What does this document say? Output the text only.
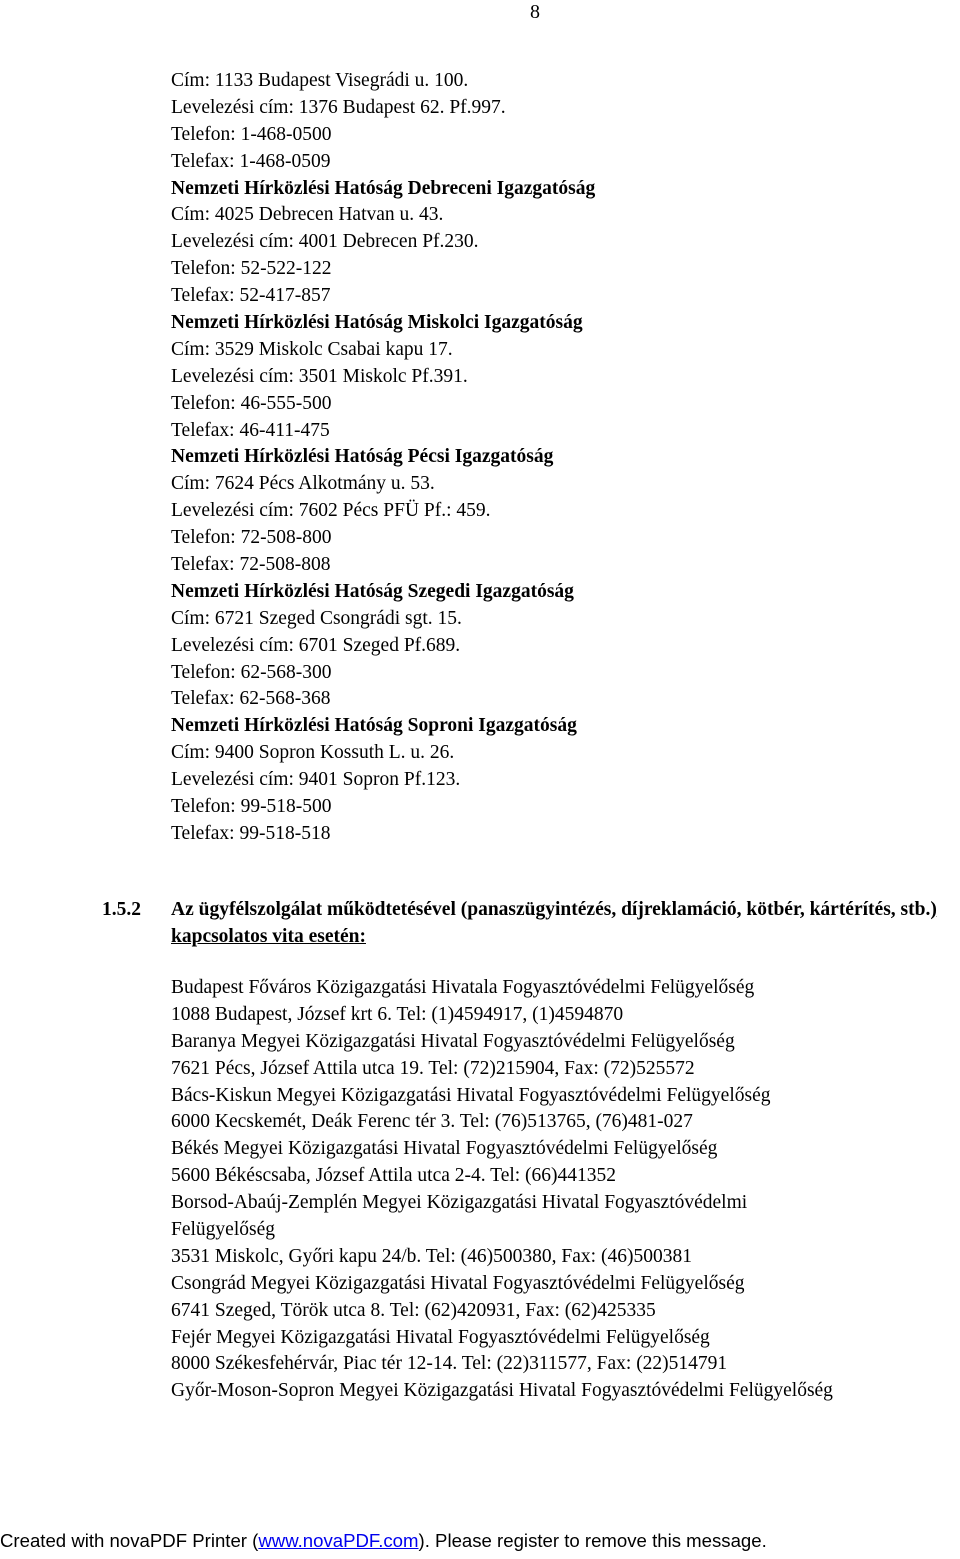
8
Cím: 1133 Budapest Visegrádi u. 100.
Levelezési cím: 1376 Budapest 62. Pf.997.
Telefon: 1-468-0500
Telefax: 1-468-0509
Nemzeti Hírközlési Hatóság Debreceni Igazgatóság
Cím: 4025 Debrecen Hatvan u. 43.
Levelezési cím: 4001 Debrecen Pf.230.
Telefon: 52-522-122
Telefax: 52-417-857
Nemzeti Hírközlési Hatóság Miskolci Igazgatóság
Cím: 3529 Miskolc Csabai kapu 17.
Levelezési cím: 3501 Miskolc Pf.391.
Telefon: 46-555-500
Telefax: 46-411-475
Nemzeti Hírközlési Hatóság Pécsi Igazgatóság
Cím: 7624 Pécs Alkotmány u. 53.
Levelezési cím: 7602 Pécs PFÜ Pf.: 459.
Telefon: 72-508-800
Telefax: 72-508-808
Nemzeti Hírközlési Hatóság Szegedi Igazgatóság
Cím: 6721 Szeged Csongrádi sgt. 15.
Levelezési cím: 6701 Szeged Pf.689.
Telefon: 62-568-300
Telefax: 62-568-368
Nemzeti Hírközlési Hatóság Soproni Igazgatóság
Cím: 9400 Sopron Kossuth L. u. 26.
Levelezési cím: 9401 Sopron Pf.123.
Telefon: 99-518-500
Telefax: 99-518-518
1.5.2 Az ügyfélszolgálat működtetésével (panaszügyintézés, díjreklamáció, kötbér, kártérítés, stb.) kapcsolatos vita esetén:
Budapest Főváros Közigazgatási Hivatala Fogyasztóvédelmi Felügyelőség
1088 Budapest, József krt 6. Tel: (1)4594917, (1)4594870
Baranya Megyei Közigazgatási Hivatal Fogyasztóvédelmi Felügyelőség
7621 Pécs, József Attila utca 19. Tel: (72)215904, Fax: (72)525572
Bács-Kiskun Megyei Közigazgatási Hivatal Fogyasztóvédelmi Felügyelőség
6000 Kecskemét, Deák Ferenc tér 3. Tel: (76)513765, (76)481-027
Békés Megyei Közigazgatási Hivatal Fogyasztóvédelmi Felügyelőség
5600 Békéscsaba, József Attila utca 2-4. Tel: (66)441352
Borsod-Abaúj-Zemplén Megyei Közigazgatási Hivatal Fogyasztóvédelmi
Felügyelőség
3531 Miskolc, Győri kapu 24/b. Tel: (46)500380, Fax: (46)500381
Csongrád Megyei Közigazgatási Hivatal Fogyasztóvédelmi Felügyelőség
6741 Szeged, Török utca 8. Tel: (62)420931, Fax: (62)425335
Fejér Megyei Közigazgatási Hivatal Fogyasztóvédelmi Felügyelőség
8000 Székesfehérvár, Piac tér 12-14. Tel: (22)311577, Fax: (22)514791
Győr-Moson-Sopron Megyei Közigazgatási Hivatal Fogyasztóvédelmi Felügyelőség
Created with novaPDF Printer (www.novaPDF.com). Please register to remove this message.
